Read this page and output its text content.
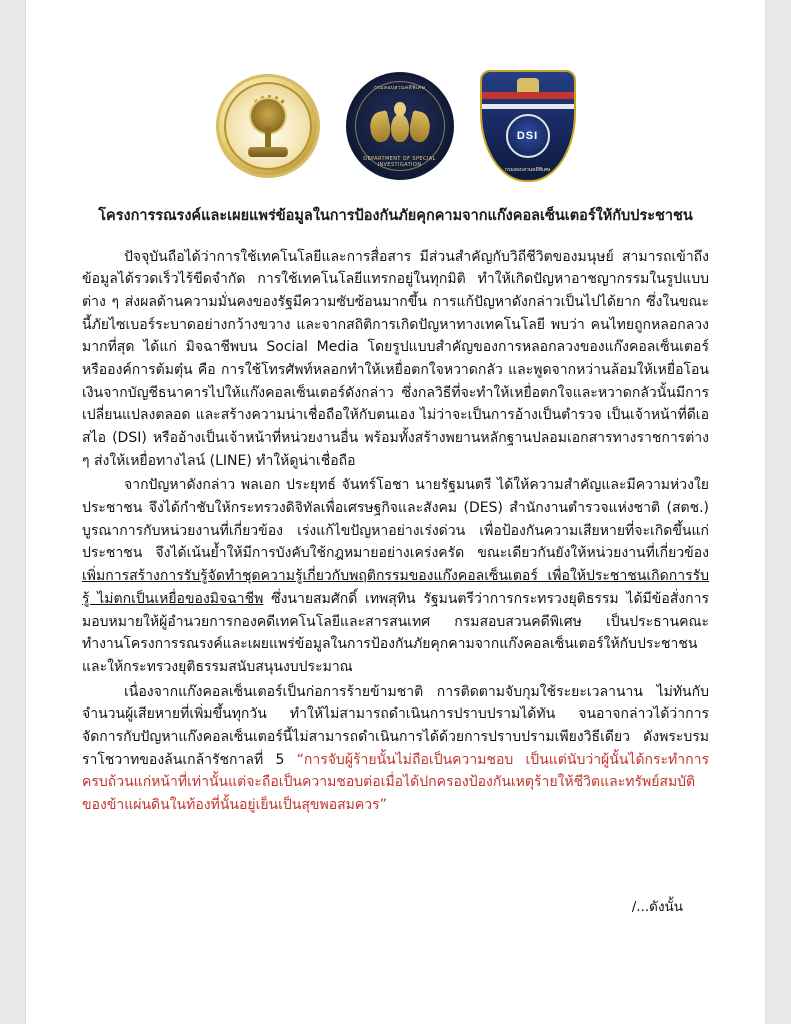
กรมสอบสวนคดีพิเศษ
DEPARTMENT OF SPECIAL INVESTIGATION
DSI
กรมสอบสวนคดีพิเศษ
โครงการรณรงค์และเผยแพร่ข้อมูลในการป้องกันภัยคุกคามจากแก๊งคอลเซ็นเตอร์ให้กับประชาชน

ปัจจุบันถือได้ว่าการใช้เทคโนโลยีและการสื่อสาร มีส่วนสำคัญกับวิถีชีวิตของมนุษย์ สามารถเข้าถึงข้อมูลได้รวดเร็วไร้ขีดจำกัด การใช้เทคโนโลยีแทรกอยู่ในทุกมิติ ทำให้เกิดปัญหาอาชญากรรมในรูปแบบต่าง ๆ ส่งผลด้านความมั่นคงของรัฐมีความซับซ้อนมากขึ้น การแก้ปัญหาดังกล่าวเป็นไปได้ยาก ซึ่งในขณะนี้ภัยไซเบอร์ระบาดอย่างกว้างขวาง และจากสถิติการเกิดปัญหาทางเทคโนโลยี พบว่า คนไทยถูกหลอกลวงมากที่สุด ได้แก่ มิจฉาชีพบน Social Media โดยรูปแบบสำคัญของการหลอกลวงของแก๊งคอลเซ็นเตอร์หรือองค์การต้มตุ๋น คือ การใช้โทรศัพท์หลอกทำให้เหยื่อตกใจหวาดกลัว และพูดจากหว่านล้อมให้เหยื่อโอนเงินจากบัญชีธนาคารไปให้แก๊งคอลเซ็นเตอร์ดังกล่าว ซึ่งกลวิธีที่จะทำให้เหยื่อตกใจและหวาดกลัวนั้นมีการเปลี่ยนแปลงตลอด และสร้างความน่าเชื่อถือให้กับตนเอง ไม่ว่าจะเป็นการอ้างเป็นตำรวจ เป็นเจ้าหน้าที่ดีเอสไอ (DSI) หรืออ้างเป็นเจ้าหน้าที่หน่วยงานอื่น พร้อมทั้งสร้างพยานหลักฐานปลอมเอกสารทางราชการต่าง ๆ ส่งให้เหยื่อทางไลน์ (LINE) ทำให้ดูน่าเชื่อถือ

จากปัญหาดังกล่าว พลเอก ประยุทธ์ จันทร์โอชา นายรัฐมนตรี ได้ให้ความสำคัญและมีความห่วงใยประชาชน จึงได้กำชับให้กระทรวงดิจิทัลเพื่อเศรษฐกิจและสังคม (DES) สำนักงานตำรวจแห่งชาติ (สตช.) บูรณาการกับหน่วยงานที่เกี่ยวข้อง เร่งแก้ไขปัญหาอย่างเร่งด่วน เพื่อป้องกันความเสียหายที่จะเกิดขึ้นแก่ประชาชน จึงได้เน้นย้ำให้มีการบังคับใช้กฎหมายอย่างเคร่งครัด ขณะเดียวกันยังให้หน่วยงานที่เกี่ยวข้องเพิ่มการสร้างการรับรู้จัดทำชุดความรู้เกี่ยวกับพฤติกรรมของแก๊งคอลเซ็นเตอร์ เพื่อให้ประชาชนเกิดการรับรู้ ไม่ตกเป็นเหยื่อของมิจฉาชีพ ซึ่งนายสมศักดิ์ เทพสุทิน รัฐมนตรีว่าการกระทรวงยุติธรรม ได้มีข้อสั่งการมอบหมายให้ผู้อำนวยการกองคดีเทคโนโลยีและสารสนเทศ กรมสอบสวนคดีพิเศษ เป็นประธานคณะทำงานโครงการรณรงค์และเผยแพร่ข้อมูลในการป้องกันภัยคุกคามจากแก๊งคอลเซ็นเตอร์ให้กับประชาชน และให้กระทรวงยุติธรรมสนับสนุนงบประมาณ

เนื่องจากแก๊งคอลเซ็นเตอร์เป็นก่อการร้ายข้ามชาติ การติดตามจับกุมใช้ระยะเวลานาน ไม่ทันกับจำนวนผู้เสียหายที่เพิ่มขึ้นทุกวัน ทำให้ไม่สามารถดำเนินการปราบปรามได้ทัน จนอาจกล่าวได้ว่าการจัดการกับปัญหาแก๊งคอลเซ็นเตอร์นี้ไม่สามารถดำเนินการได้ด้วยการปราบปรามเพียงวิธีเดียว ดังพระบรมราโชวาทของล้นเกล้ารัชกาลที่ 5 “การจับผู้ร้ายนั้นไม่ถือเป็นความชอบ เป็นแต่นับว่าผู้นั้นได้กระทำการครบถ้วนแก่หน้าที่เท่านั้นแต่จะถือเป็นความชอบต่อเมื่อได้ปกครองป้องกันเหตุร้ายให้ชีวิตและทรัพย์สมบัติของข้าแผ่นดินในท้องที่นั้นอยู่เย็นเป็นสุขพอสมควร”

/...ดังนั้น
